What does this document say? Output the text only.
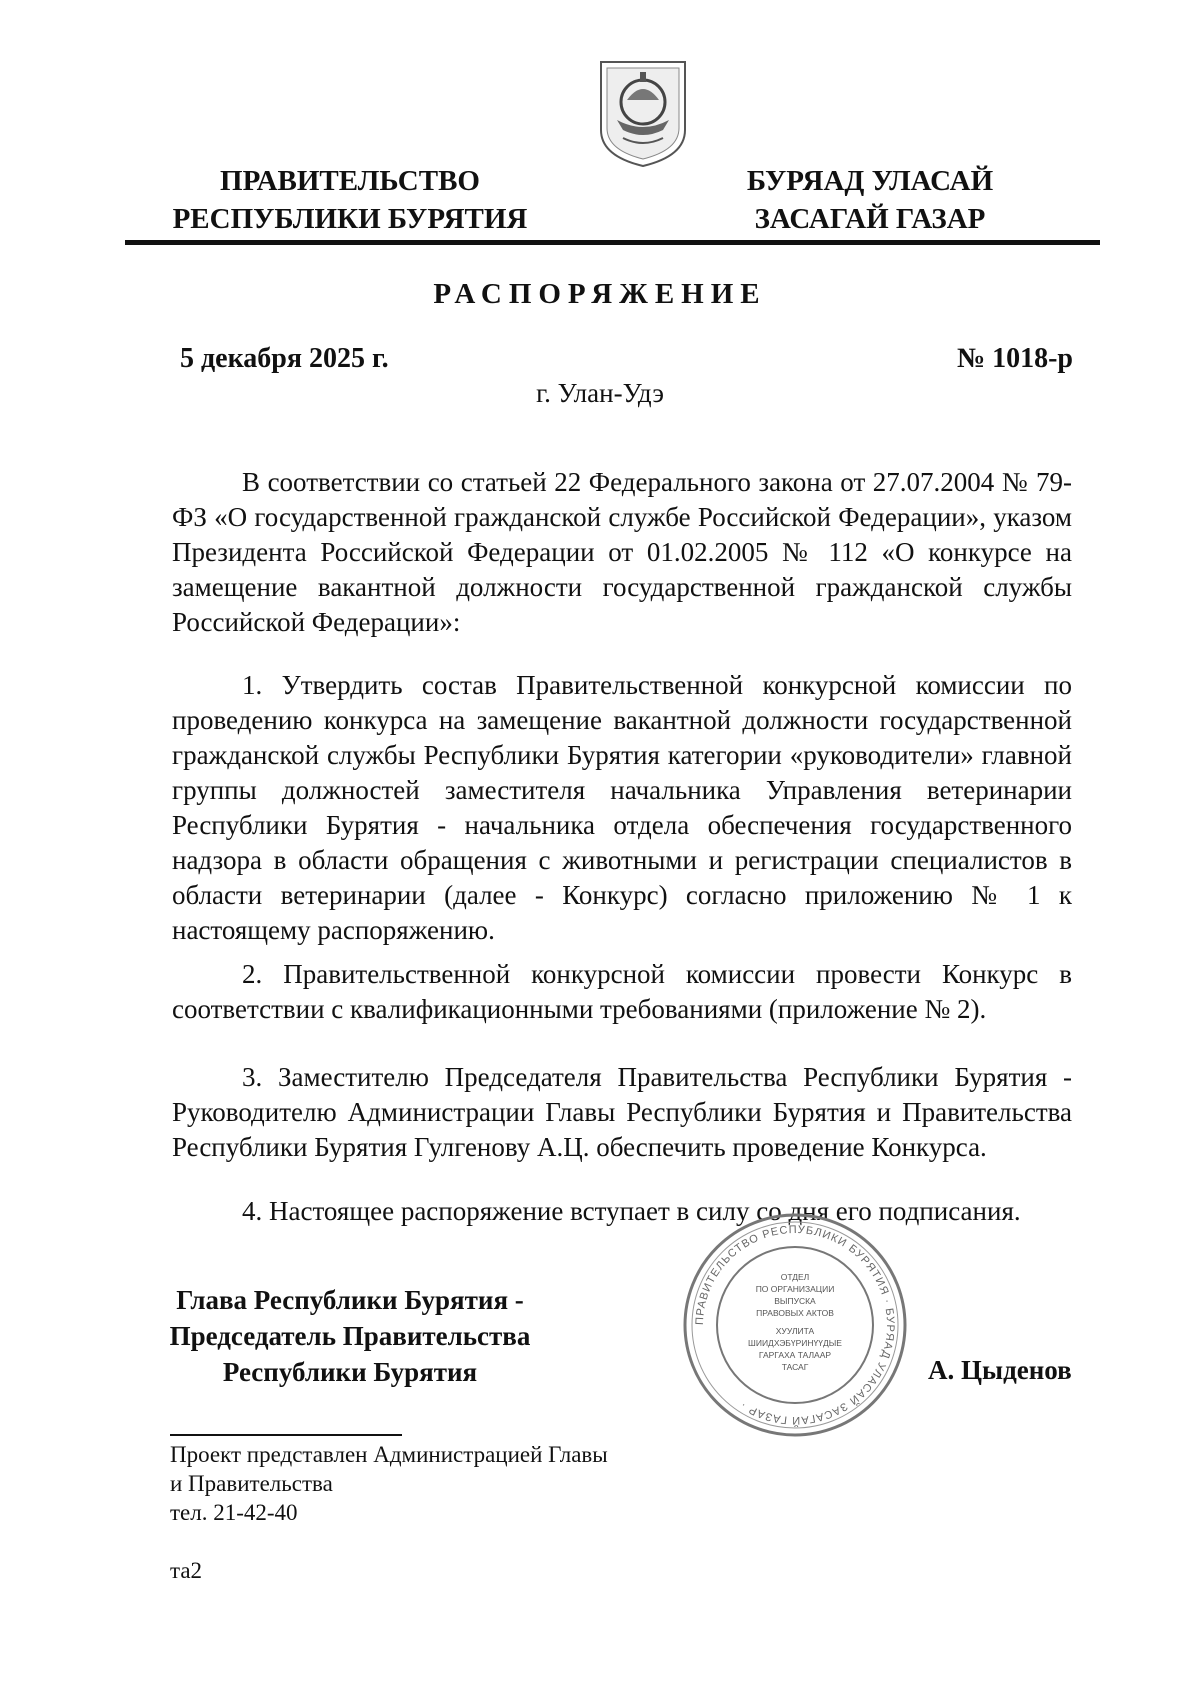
ПРАВИТЕЛЬСТВО
РЕСПУБЛИКИ БУРЯТИЯ
БУРЯАД УЛАСАЙ
ЗАСАГАЙ ГАЗАР
РАСПОРЯЖЕНИЕ
5 декабря 2025 г.	№ 1018-р
г. Улан-Удэ

В соответствии со статьей 22 Федерального закона от 27.07.2004 № 79-ФЗ «О государственной гражданской службе Российской Федерации», указом Президента Российской Федерации от 01.02.2005 № 112 «О конкурсе на замещение вакантной должности государственной гражданской службы Российской Федерации»:

1. Утвердить состав Правительственной конкурсной комиссии по проведению конкурса на замещение вакантной должности государственной гражданской службы Республики Бурятия категории «руководители» главной группы должностей заместителя начальника Управления ветеринарии Республики Бурятия - начальника отдела обеспечения государственного надзора в области обращения с животными и регистрации специалистов в области ветеринарии (далее - Конкурс) согласно приложению № 1 к настоящему распоряжению.

2. Правительственной конкурсной комиссии провести Конкурс в соответствии с квалификационными требованиями (приложение № 2).

3. Заместителю Председателя Правительства Республики Бурятия - Руководителю Администрации Главы Республики Бурятия и Правительства Республики Бурятия Гулгенову А.Ц. обеспечить проведение Конкурса.

4. Настоящее распоряжение вступает в силу со дня его подписания.

Глава Республики Бурятия -
Председатель Правительства
Республики Бурятия
ПРАВИТЕЛЬСТВО РЕСПУБЛИКИ БУРЯТИЯ · БУРЯАД УЛАСАЙ ЗАСАГАЙ ГАЗАР ·
ОТДЕЛ
ПО ОРГАНИЗАЦИИ
ВЫПУСКА
ПРАВОВЫХ АКТОВ
ХУУЛИТА
ШИИДХЭБҮРИНҮҮДЫЕ
ГАРГАХА ТАЛААР
ТАСАГ	А. Цыденов
Проект представлен Администрацией Главы
и Правительства
тел. 21-42-40
та2
